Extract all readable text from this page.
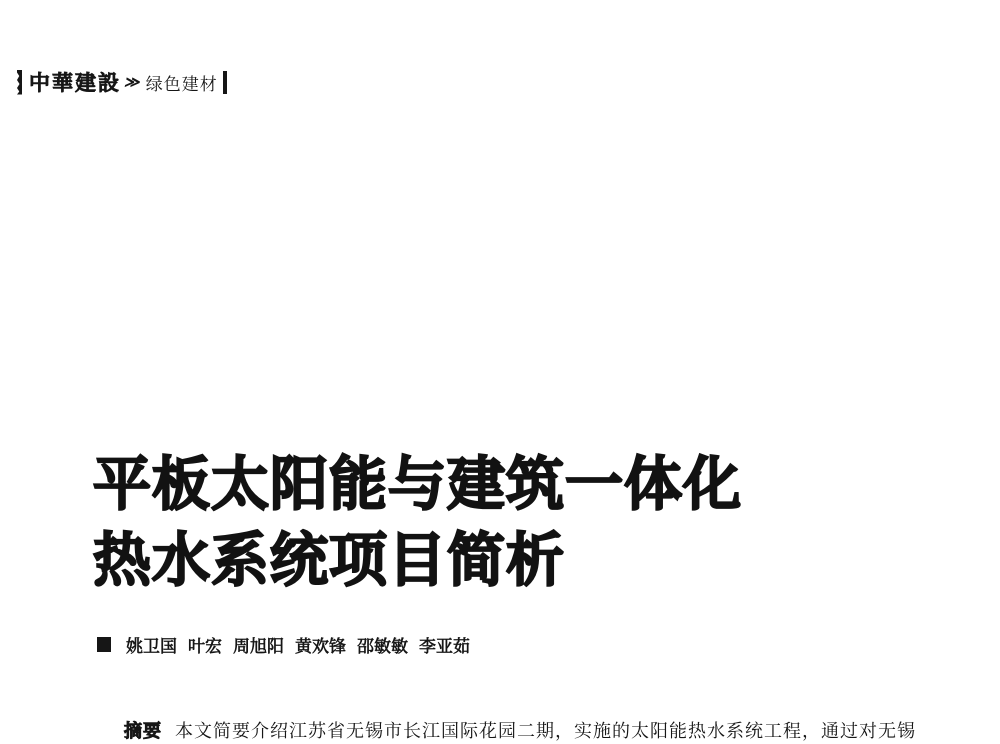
中華建設 ≫ 绿色建材
平板太阳能与建筑一体化
热水系统项目简析
姚卫国 叶宏 周旭阳 黄欢锋 邵敏敏 李亚茹
摘要 本文简要介绍江苏省无锡市长江国际花园二期，实施的太阳能热水系统工程，通过对无锡
